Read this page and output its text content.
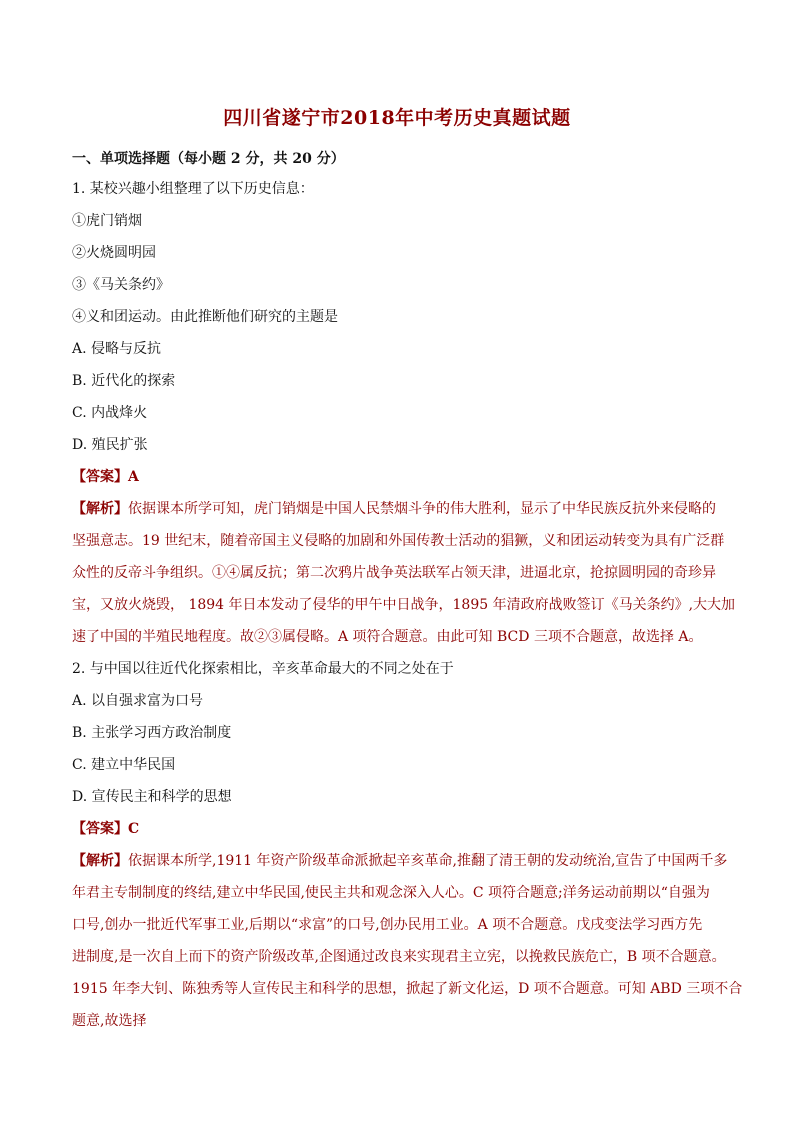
四川省遂宁市2018年中考历史真题试题
一、单项选择题（每小题 2 分，共 20 分）
1. 某校兴趣小组整理了以下历史信息：
①虎门销烟
②火烧圆明园
③《马关条约》
④义和团运动。由此推断他们研究的主题是
A. 侵略与反抗
B. 近代化的探索
C. 内战烽火
D. 殖民扩张
【答案】A
【解析】依据课本所学可知，虎门销烟是中国人民禁烟斗争的伟大胜利，显示了中华民族反抗外来侵略的
坚强意志。19 世纪末，随着帝国主义侵略的加剧和外国传教士活动的猖獗，义和团运动转变为具有广泛群
众性的反帝斗争组织。①④属反抗；第二次鸦片战争英法联军占领天津，进逼北京，抢掠圆明园的奇珍异
宝，又放火烧毁， 1894 年日本发动了侵华的甲午中日战争，1895 年清政府战败签订《马关条约》,大大加
速了中国的半殖民地程度。故②③属侵略。A 项符合题意。由此可知 BCD 三项不合题意，故选择 A。
2. 与中国以往近代化探索相比，辛亥革命最大的不同之处在于
A. 以自强求富为口号
B. 主张学习西方政治制度
C. 建立中华民国
D. 宣传民主和科学的思想
【答案】C
【解析】依据课本所学,1911 年资产阶级革命派掀起辛亥革命,推翻了清王朝的发动统治,宣告了中国两千多
年君主专制制度的终结,建立中华民国,使民主共和观念深入人心。C 项符合题意;洋务运动前期以“自强为
口号,创办一批近代军事工业,后期以“求富”的口号,创办民用工业。A 项不合题意。戊戌变法学习西方先
进制度,是一次自上而下的资产阶级改革,企图通过改良来实现君主立宪，以挽救民族危亡，B 项不合题意。
1915 年李大钊、陈独秀等人宣传民主和科学的思想，掀起了新文化运，D 项不合题意。可知 ABD 三项不合
题意,故选择
